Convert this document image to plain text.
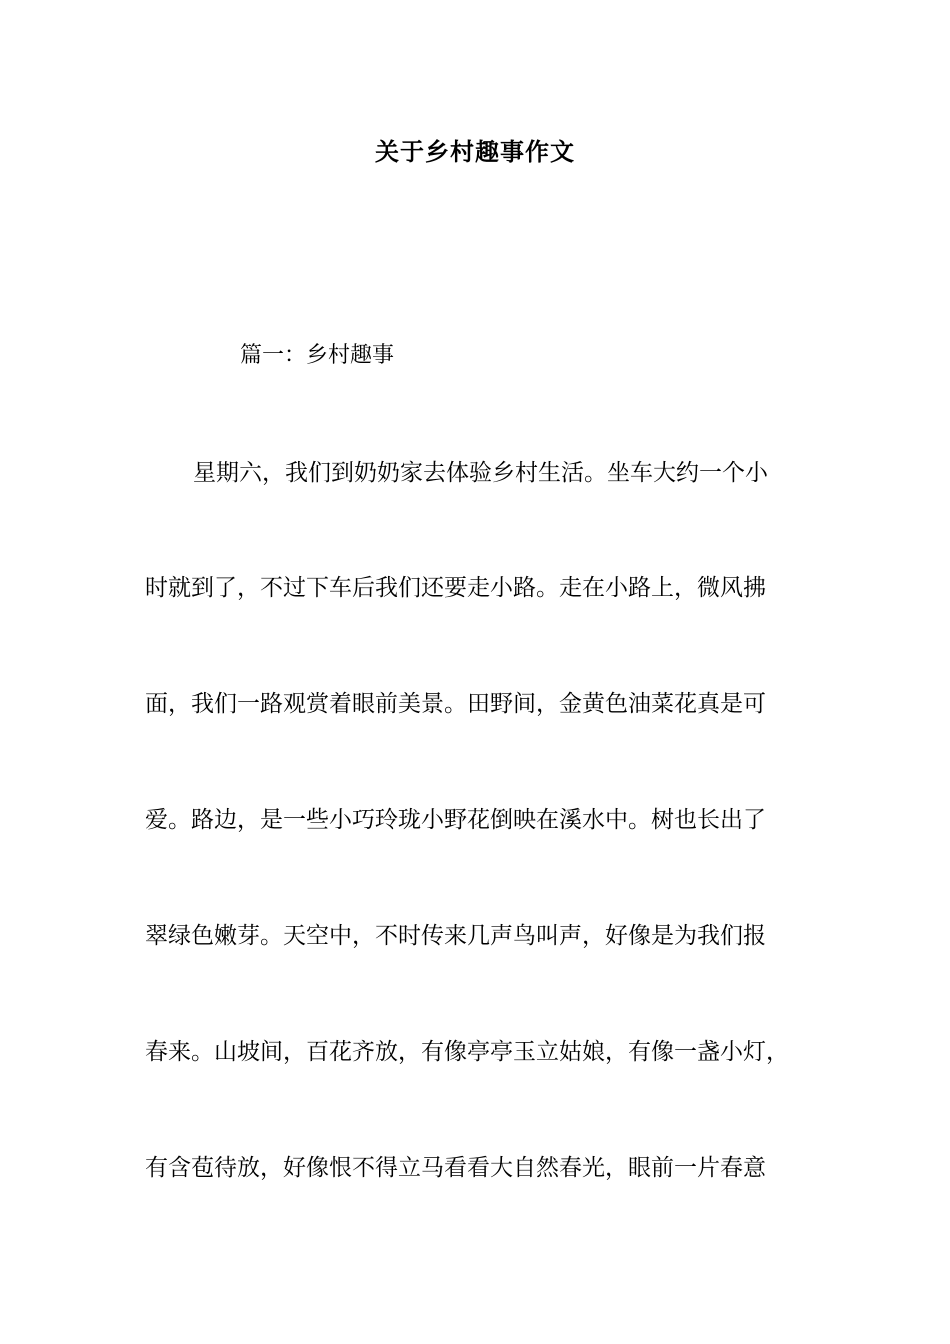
关于乡村趣事作文
篇一：乡村趣事
星期六，我们到奶奶家去体验乡村生活。坐车大约一个小
时就到了，不过下车后我们还要走小路。走在小路上，微风拂
面，我们一路观赏着眼前美景。田野间，金黄色油菜花真是可
爱。路边，是一些小巧玲珑小野花倒映在溪水中。树也长出了
翠绿色嫩芽。天空中，不时传来几声鸟叫声，好像是为我们报
春来。山坡间，百花齐放，有像亭亭玉立姑娘，有像一盏小灯，
有含苞待放，好像恨不得立马看看大自然春光，眼前一片春意
